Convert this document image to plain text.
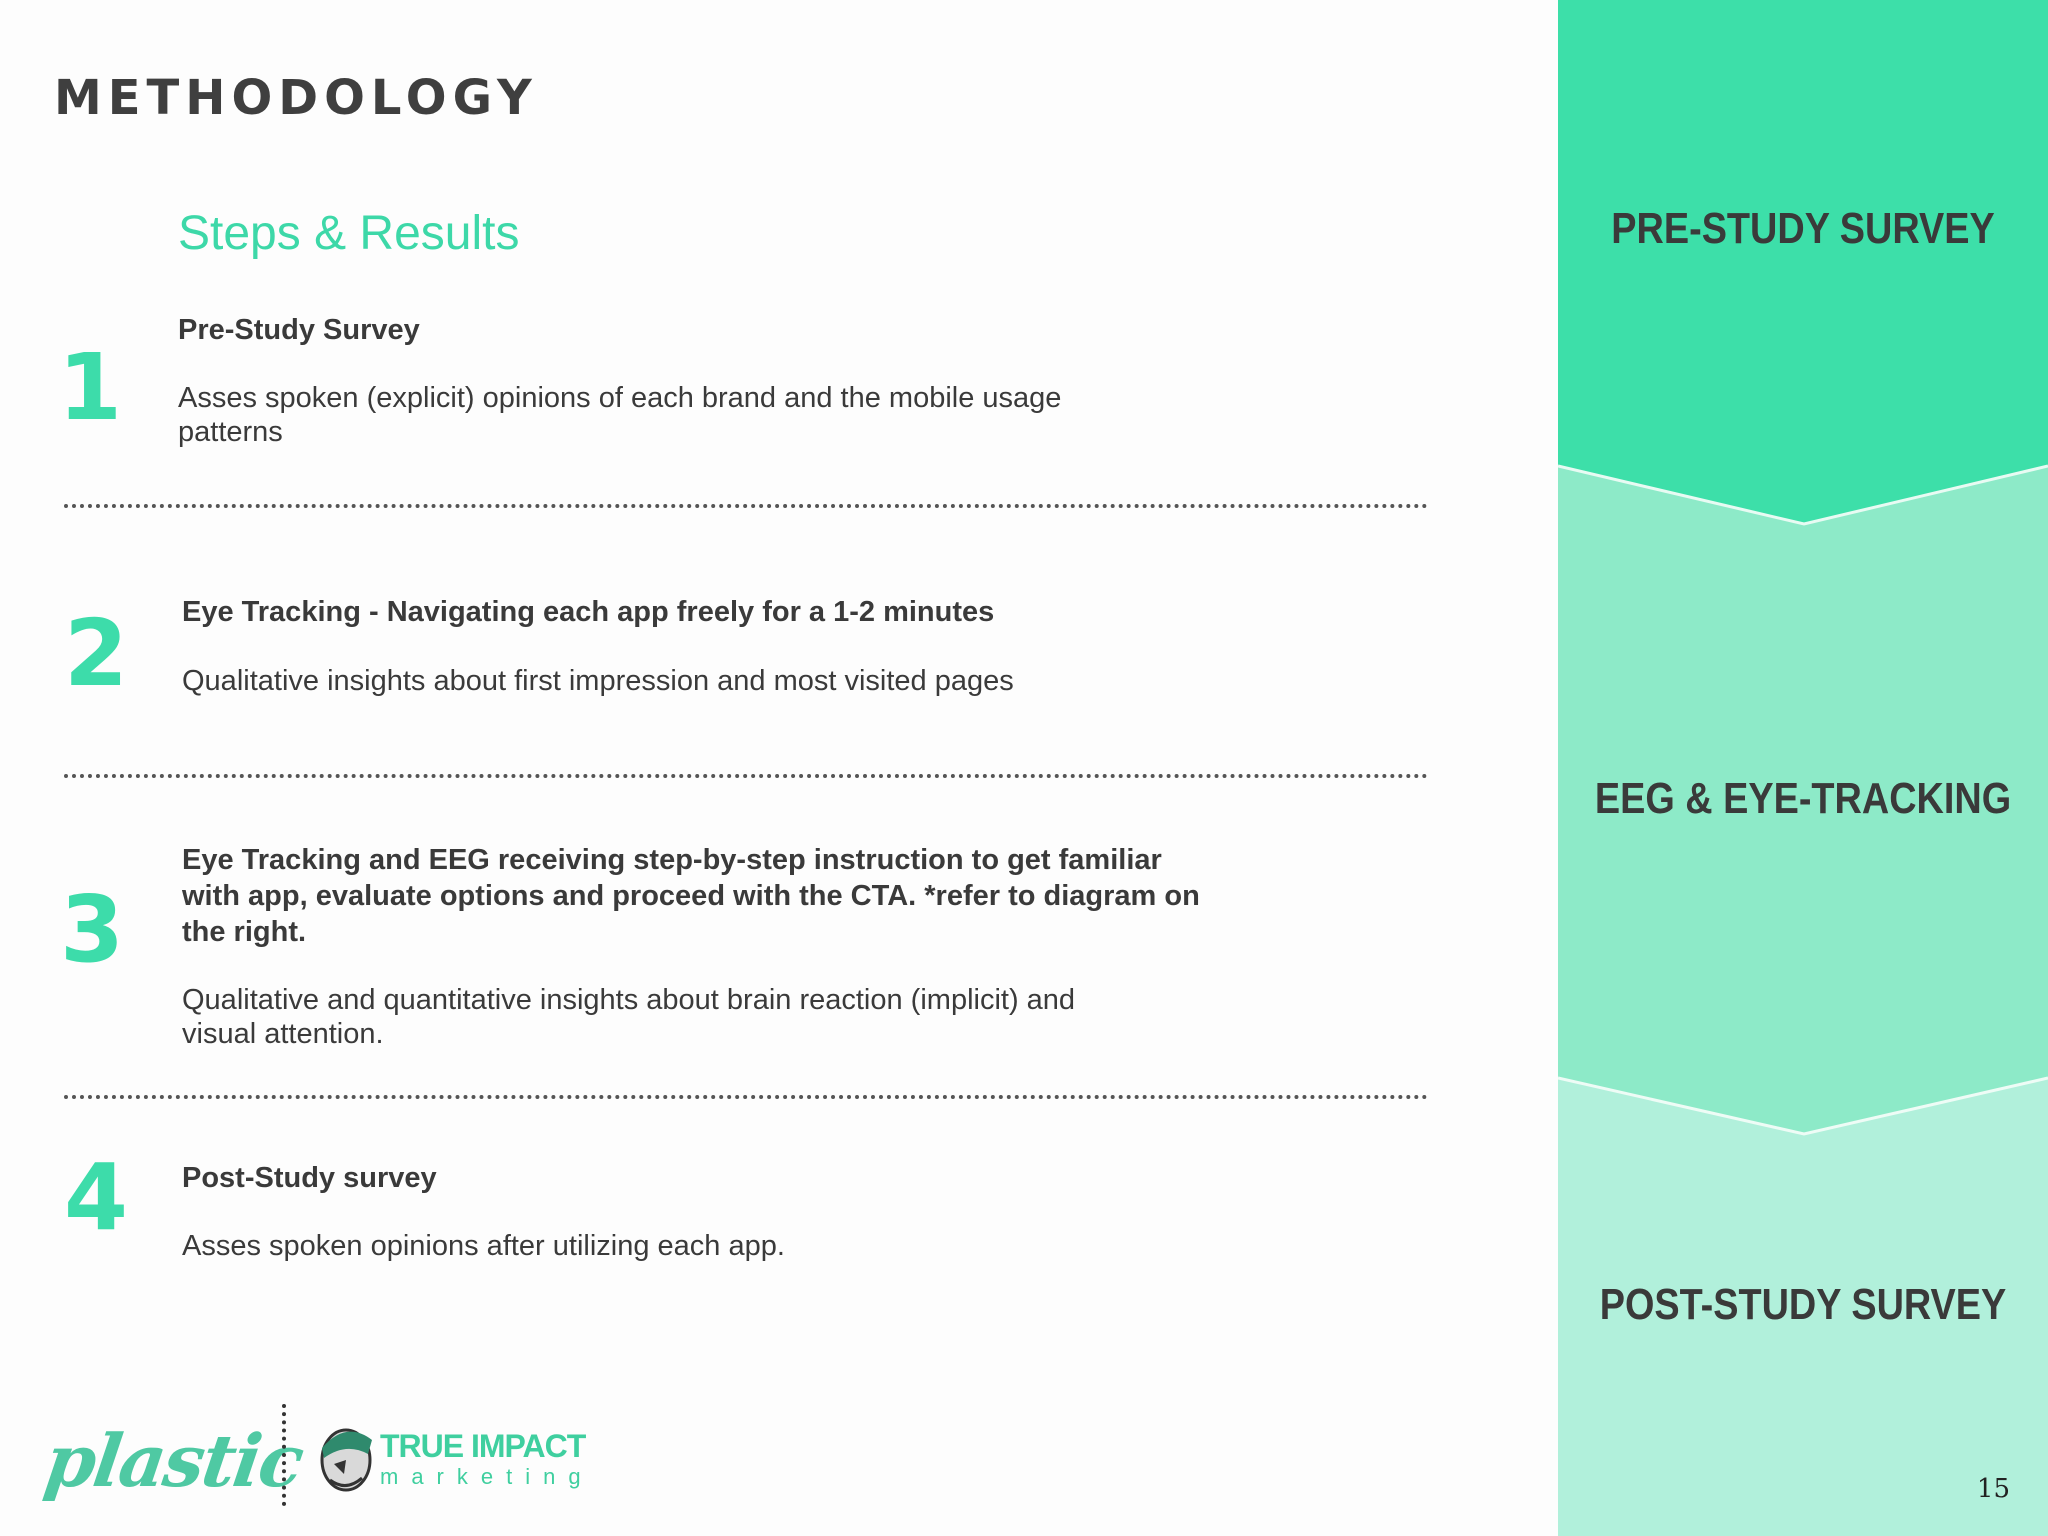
METHODOLOGY
Steps & Results
1
Pre-Study Survey
Asses spoken (explicit) opinions of each brand and the mobile usage patterns
2 Eye Tracking - Navigating each app freely for a 1-2 minutes
Qualitative insights about first impression and most visited pages
3
Eye Tracking and EEG receiving step-by-step instruction to get familiar with app, evaluate options and proceed with the CTA. *refer to diagram on the right.
Qualitative and quantitative insights about brain reaction (implicit) and visual attention.
4 Post-Study survey
Asses spoken opinions after utilizing each app.
PRE-STUDY SURVEY
EEG & EYE-TRACKING
POST-STUDY SURVEY
plastic TRUE IMPACT
marketing	15
